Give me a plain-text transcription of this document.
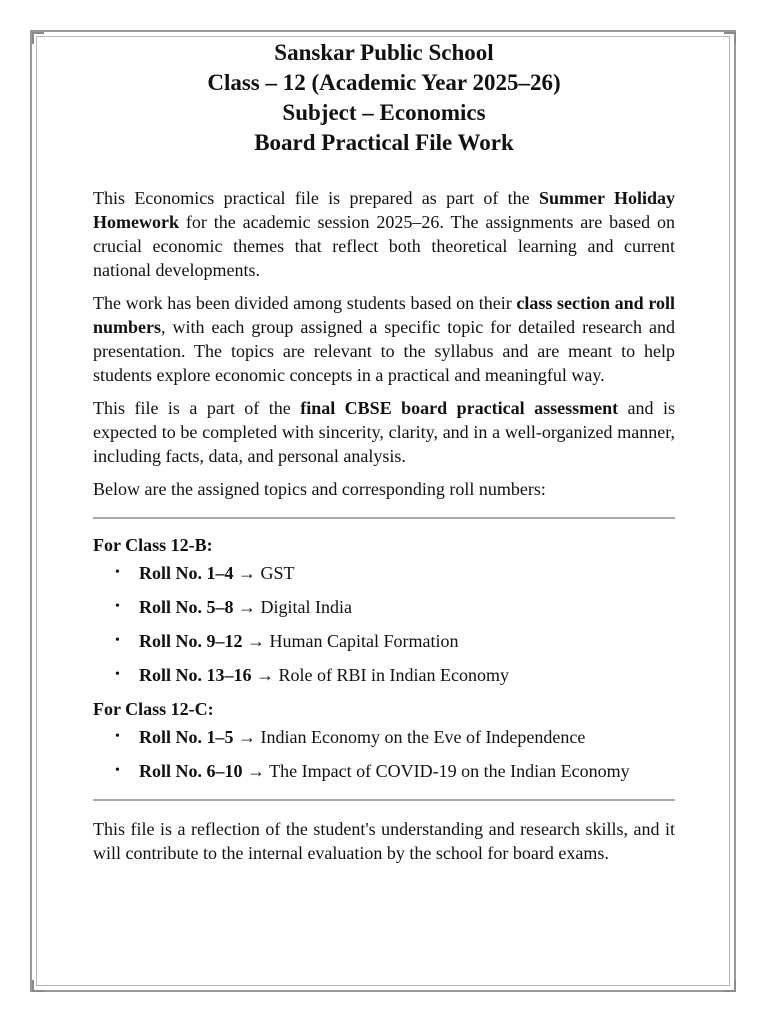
Sanskar Public School
Class – 12 (Academic Year 2025–26)
Subject – Economics
Board Practical File Work

This Economics practical file is prepared as part of the Summer Holiday Homework for the academic session 2025–26. The assignments are based on crucial economic themes that reflect both theoretical learning and current national developments.

The work has been divided among students based on their class section and roll numbers, with each group assigned a specific topic for detailed research and presentation. The topics are relevant to the syllabus and are meant to help students explore economic concepts in a practical and meaningful way.

This file is a part of the final CBSE board practical assessment and is expected to be completed with sincerity, clarity, and in a well-organized manner, including facts, data, and personal analysis.

Below are the assigned topics and corresponding roll numbers:

For Class 12-B:
• Roll No. 1–4 → GST
• Roll No. 5–8 → Digital India
• Roll No. 9–12 → Human Capital Formation
• Roll No. 13–16 → Role of RBI in Indian Economy
For Class 12-C:
• Roll No. 1–5 → Indian Economy on the Eve of Independence
• Roll No. 6–10 → The Impact of COVID-19 on the Indian Economy

This file is a reflection of the student's understanding and research skills, and it will contribute to the internal evaluation by the school for board exams.
